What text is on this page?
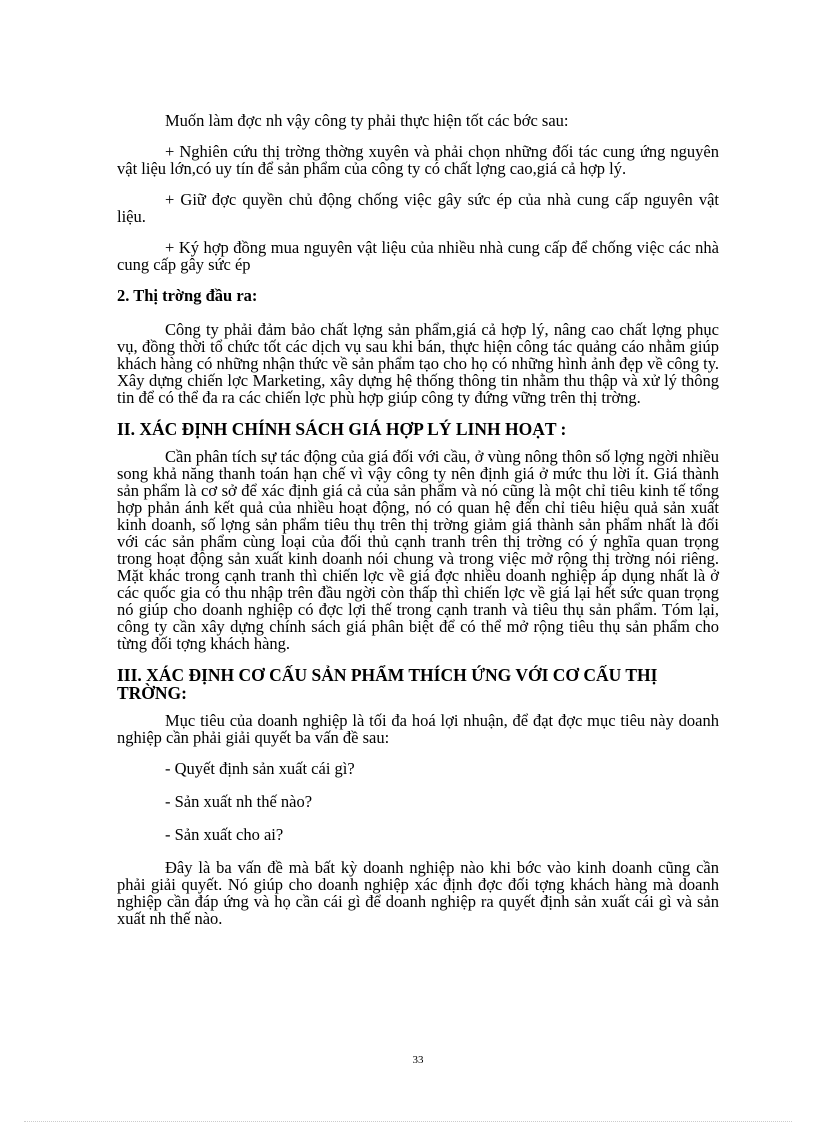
Muốn làm đợc nh vậy công ty phải thực hiện tốt các bớc sau:

+ Nghiên cứu thị trờng thờng xuyên và phải chọn những đối tác cung ứng nguyên vật liệu lớn,có uy tín để sản phẩm của công ty có chất lợng cao,giá cả hợp lý.

+ Giữ đợc quyền chủ động chống việc gây sức ép của nhà cung cấp nguyên vật liệu.

+ Ký hợp đồng mua nguyên vật liệu của nhiều nhà cung cấp để chống việc các nhà cung cấp gây sức ép

2. Thị trờng đầu ra:

Công ty phải đảm bảo chất lợng sản phẩm,giá cả hợp lý, nâng cao chất lợng phục vụ, đồng thời tổ chức tốt các dịch vụ sau khi bán, thực hiện công tác quảng cáo nhằm giúp khách hàng có những nhận thức về sản phẩm tạo cho họ có những hình ảnh đẹp về công ty. Xây dựng chiến lợc Marketing, xây dựng hệ thống thông tin nhằm thu thập và xử lý thông tin để có thể đa ra các chiến lợc phù hợp giúp công ty đứng vững trên thị trờng.

II. XÁC ĐỊNH CHÍNH SÁCH GIÁ HỢP LÝ LINH HOẠT :

Cần phân tích sự tác động của giá đối với cầu, ở vùng nông thôn số lợng ngời nhiều song khả năng thanh toán hạn chế vì vậy công ty nên định giá ở mức thu lời ít. Giá thành sản phẩm là cơ sở để xác định giá cả của sản phẩm và nó cũng là một chỉ tiêu kinh tế tổng hợp phản ánh kết quả của nhiều hoạt động, nó có quan hệ đến chỉ tiêu hiệu quả sản xuất kinh doanh, số lợng sản phẩm tiêu thụ trên thị trờng giảm giá thành sản phẩm nhất là đối với các sản phẩm cùng loại của đối thủ cạnh tranh trên thị trờng có ý nghĩa quan trọng trong hoạt động sản xuất kinh doanh nói chung và trong việc mở rộng thị trờng nói riêng. Mặt khác trong cạnh tranh thì chiến lợc về giá đợc nhiều doanh nghiệp áp dụng nhất là ở các quốc gia có thu nhập trên đầu ngời còn thấp thì chiến lợc về giá lại hết sức quan trọng nó giúp cho doanh nghiệp có đợc lợi thế trong cạnh tranh và tiêu thụ sản phẩm. Tóm lại, công ty cần xây dựng chính sách giá phân biệt để có thể mở rộng tiêu thụ sản phẩm cho từng đối tợng khách hàng.

III. XÁC ĐỊNH CƠ CẤU SẢN PHẨM THÍCH ỨNG VỚI CƠ CẤU THỊ TRỜNG:

Mục tiêu của doanh nghiệp là tối đa hoá lợi nhuận, để đạt đợc mục tiêu này doanh nghiệp cần phải giải quyết ba vấn đề sau:

- Quyết định sản xuất cái gì?

- Sản xuất nh thế nào?

- Sản xuất cho ai?

Đây là ba vấn đề mà bất kỳ doanh nghiệp nào khi bớc vào kinh doanh cũng cần phải giải quyết. Nó giúp cho doanh nghiệp xác định đợc đối tợng khách hàng mà doanh nghiệp cần đáp ứng và họ cần cái gì để doanh nghiệp ra quyết định sản xuất cái gì và sản xuất nh thế nào.

33
